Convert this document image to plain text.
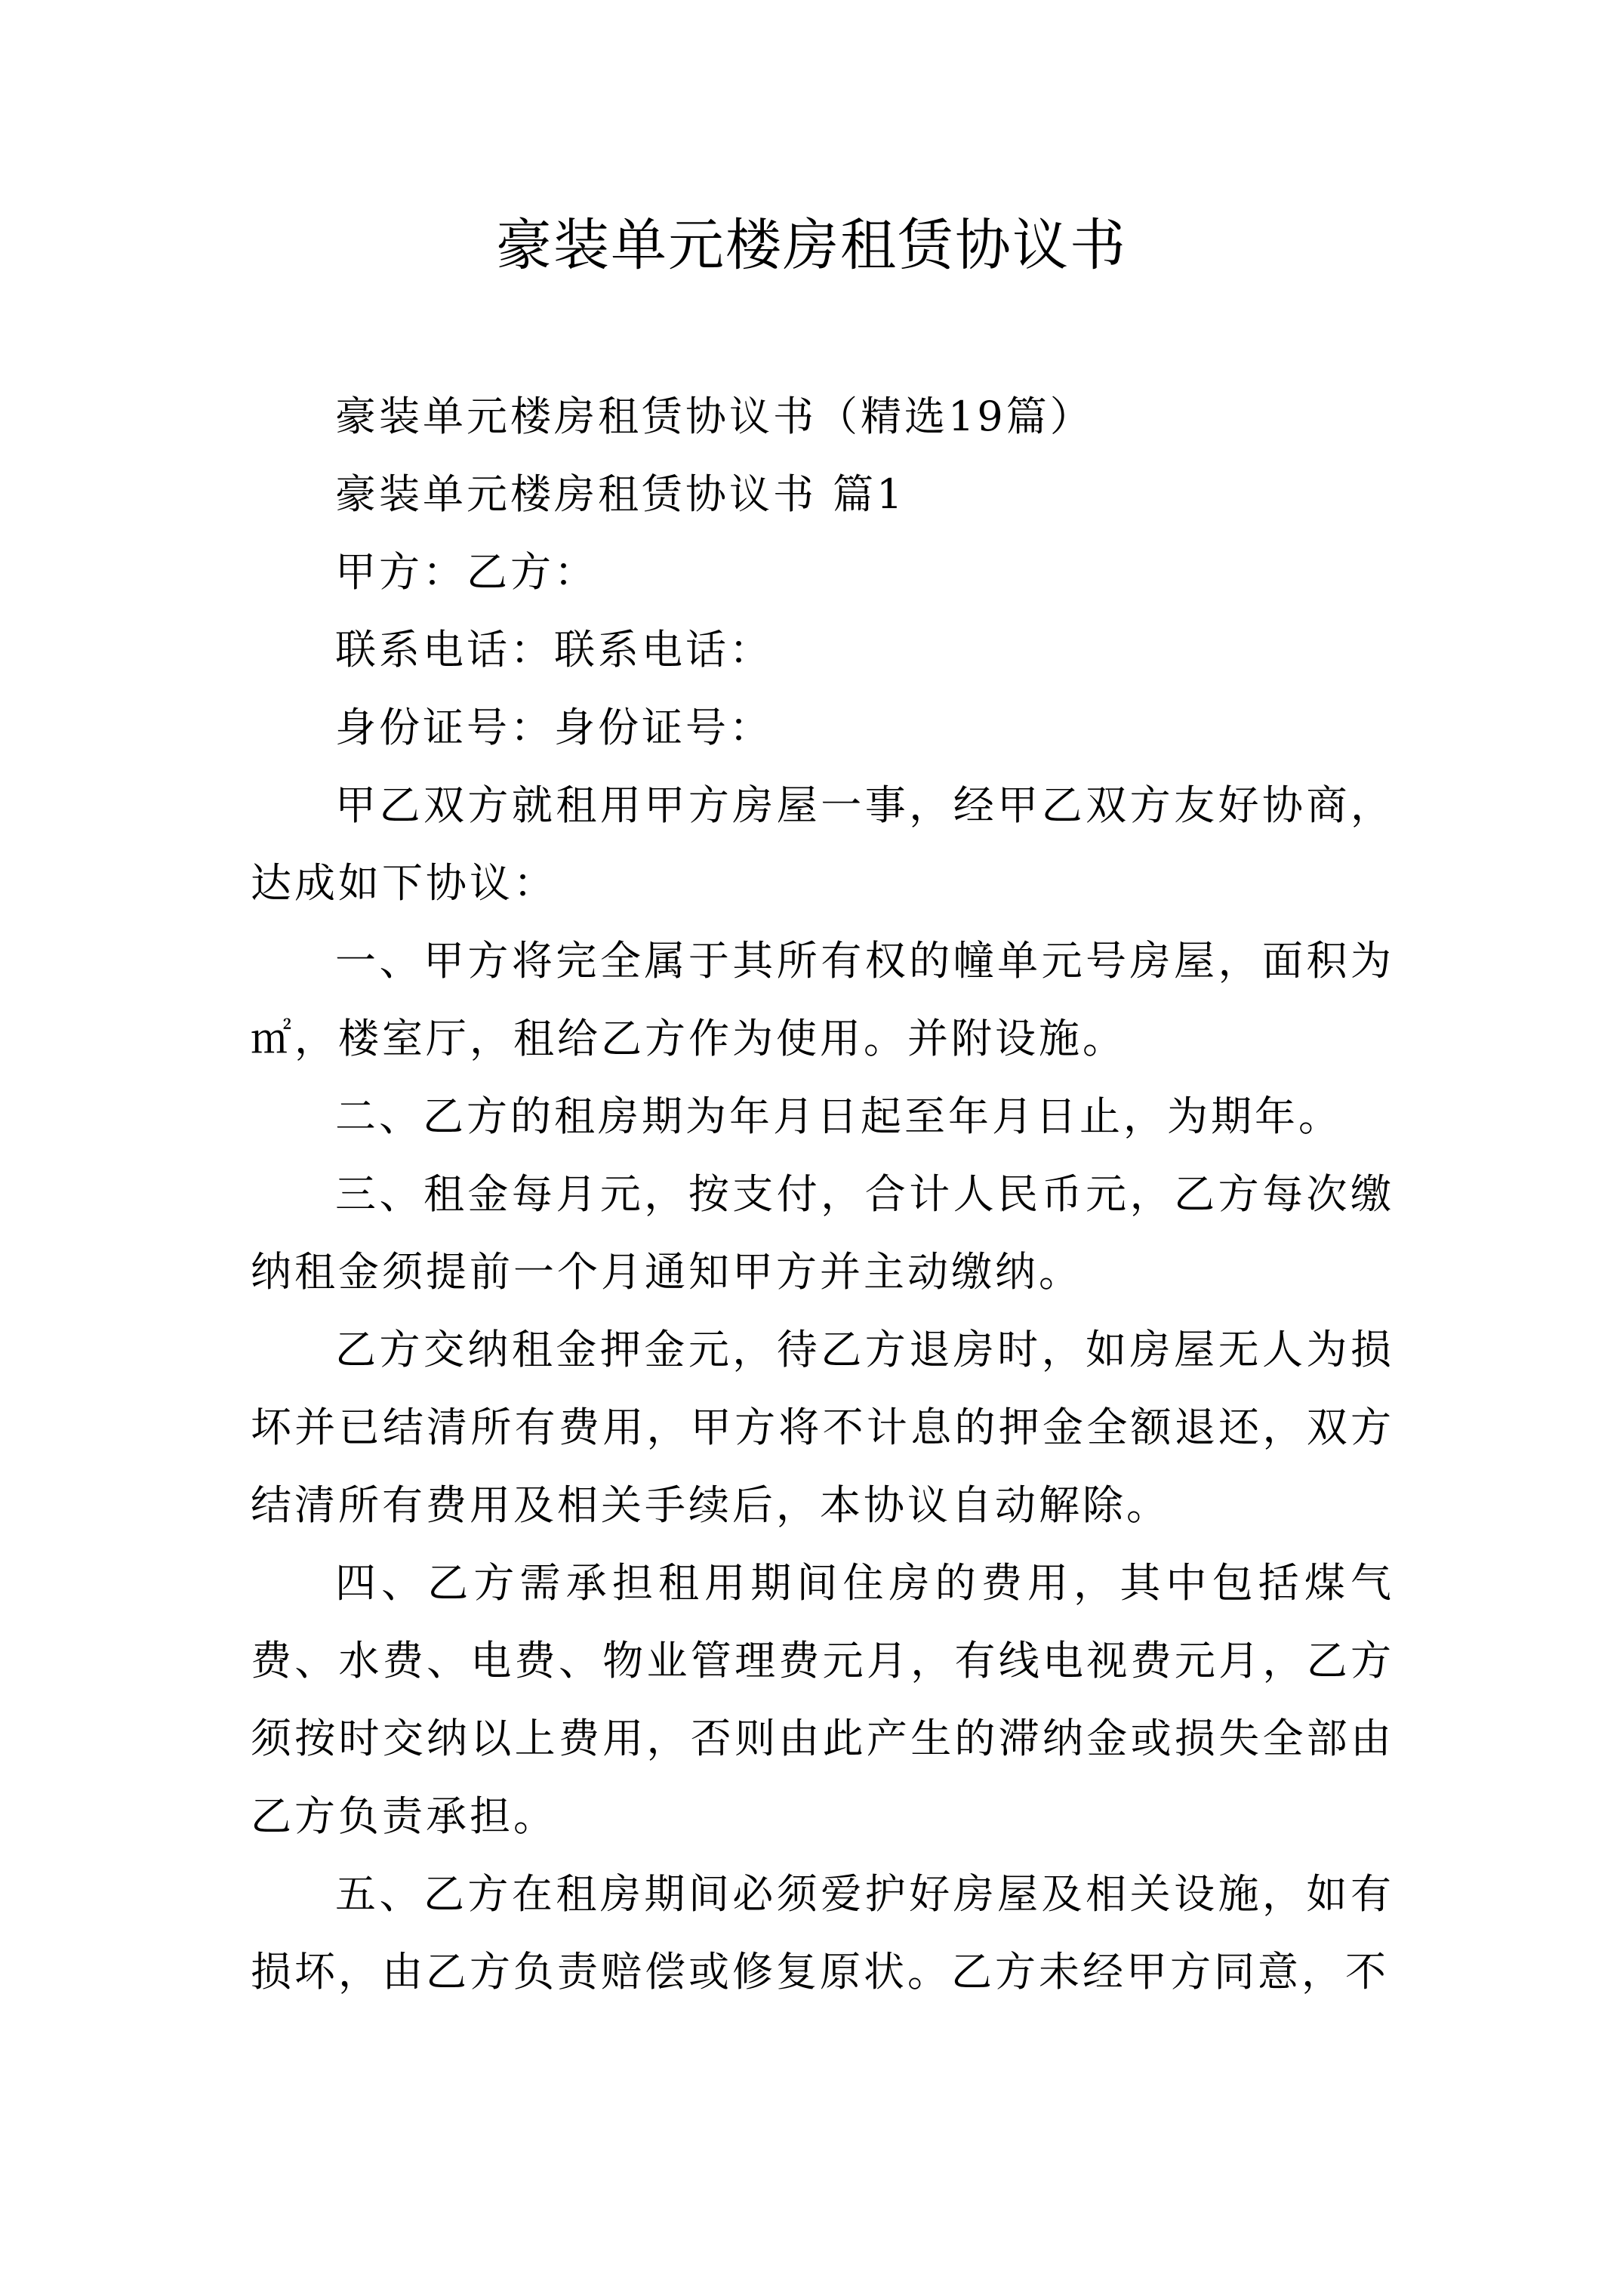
豪装单元楼房租赁协议书

豪装单元楼房租赁协议书（精选19篇）

豪装单元楼房租赁协议书 篇1

甲方：乙方：

联系电话：联系电话：

身份证号：身份证号：

甲乙双方就租用甲方房屋一事，经甲乙双方友好协商，达成如下协议：

一、甲方将完全属于其所有权的幢单元号房屋，面积为㎡，楼室厅，租给乙方作为使用。并附设施。

二、乙方的租房期为年月日起至年月日止，为期年。

三、租金每月元，按支付，合计人民币元，乙方每次缴纳租金须提前一个月通知甲方并主动缴纳。

乙方交纳租金押金元，待乙方退房时，如房屋无人为损坏并已结清所有费用，甲方将不计息的押金全额退还，双方结清所有费用及相关手续后，本协议自动解除。

四、乙方需承担租用期间住房的费用，其中包括煤气费、水费、电费、物业管理费元月，有线电视费元月，乙方须按时交纳以上费用，否则由此产生的滞纳金或损失全部由乙方负责承担。

五、乙方在租房期间必须爱护好房屋及相关设施，如有损坏，由乙方负责赔偿或修复原状。乙方未经甲方同意，不
